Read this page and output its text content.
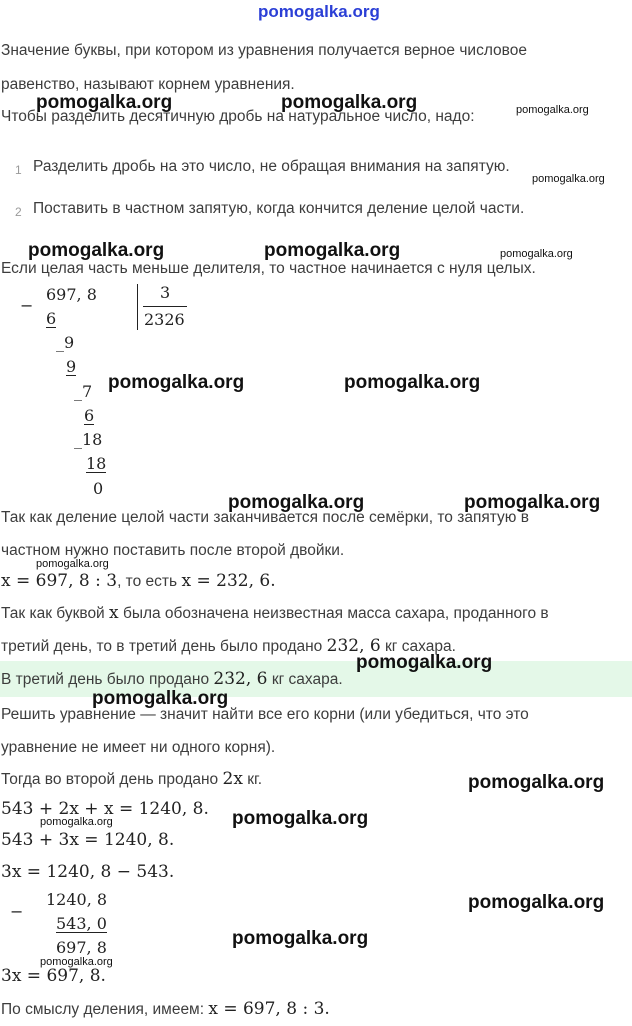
pomogalka.org
Значение буквы, при котором из уравнения получается верное числовое
равенство, называют корнем уравнения.
Чтобы разделить десятичную дробь на натуральное число, надо:
1 Разделить дробь на это число, не обращая внимания на запятую.
2 Поставить в частном запятую, когда кончится деление целой части.
Если целая часть меньше делителя, то частное начинается с нуля целых.
−
697, 8	3
2326
6
_9
9
_7
6
_18
18
0
Так как деление целой части заканчивается после семёрки, то запятую в
частном нужно поставить после второй двойки.
x = 697, 8 : 3, то есть x = 232, 6.
Так как буквой x была обозначена неизвестная масса сахара, проданного в
третий день, то в третий день было продано 232, 6 кг сахара.
В третий день было продано 232, 6 кг сахара.
Решить уравнение — значит найти все его корни (или убедиться, что это
уравнение не имеет ни одного корня).
Тогда во второй день продано 2x кг.
543 + 2x + x = 1240, 8.
543 + 3x = 1240, 8.
3x = 1240, 8 − 543.
−
1240, 8
543, 0
697, 8
3x = 697, 8.
По смыслу деления, имеем: x = 697, 8 : 3.
pomogalka.org	pomogalka.org	pomogalka.org
pomogalka.org
pomogalka.org	pomogalka.org	pomogalka.org
pomogalka.org	pomogalka.org
pomogalka.org	pomogalka.org
pomogalka.org
pomogalka.org
pomogalka.org
pomogalka.org
pomogalka.org	pomogalka.org
pomogalka.org
pomogalka.org
pomogalka.org
